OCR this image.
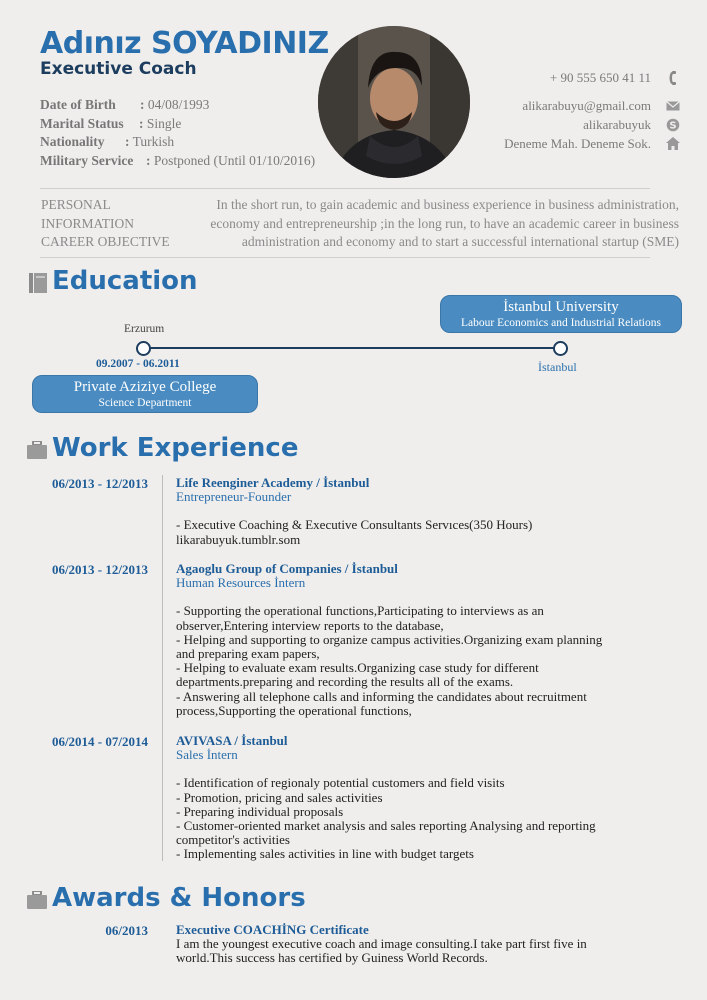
Adınız SOYADINIZ
Executive Coach
Date of Birth : 04/08/1993
Marital Status : Single
Nationality : Turkish
Military Service : Postponed (Until 01/10/2016)
+ 90 555 650 41 11
alikarabuyu@gmail.com
alikarabuyuk
Deneme Mah. Deneme Sok.
S
PERSONAL
INFORMATION
CAREER OBJECTIVE
In the short run, to gain academic and business experience in business administration,
economy and entrepreneurship ;in the long run, to have an academic career in business
administration and economy and to start a successful international startup (SME)
Education
İstanbul University
Labour Economics and Industrial Relations
Erzurum
09.2007 - 06.2011	İstanbul
Private Aziziye College
Science Department
Work Experience
06/2013 - 12/2013 Life Reenginer Academy / İstanbul
Entrepreneur-Founder
- Executive Coaching & Executive Consultants Servıces(350 Hours)
likarabuyuk.tumblr.som
06/2013 - 12/2013 Agaoglu Group of Companies / İstanbul
Human Resources İntern
- Supporting the operational functions,Participating to interviews as an
observer,Entering interview reports to the database,
- Helping and supporting to organize campus activities.Organizing exam planning
and preparing exam papers,
- Helping to evaluate exam results.Organizing case study for different
departments.preparing and recording the results all of the exams.
- Answering all telephone calls and informing the candidates about recruitment
process,Supporting the operational functions,
06/2014 - 07/2014 AVIVASA / İstanbul
Sales İntern
- Identification of regionaly potential customers and field visits
- Promotion, pricing and sales activities
- Preparing individual proposals
- Customer-oriented market analysis and sales reporting Analysing and reporting
competitor's activities
- Implementing sales activities in line with budget targets
Awards & Honors
06/2013 Executive COACHİNG Certificate
I am the youngest executive coach and image consulting.I take part first five in
world.This success has certified by Guiness World Records.
